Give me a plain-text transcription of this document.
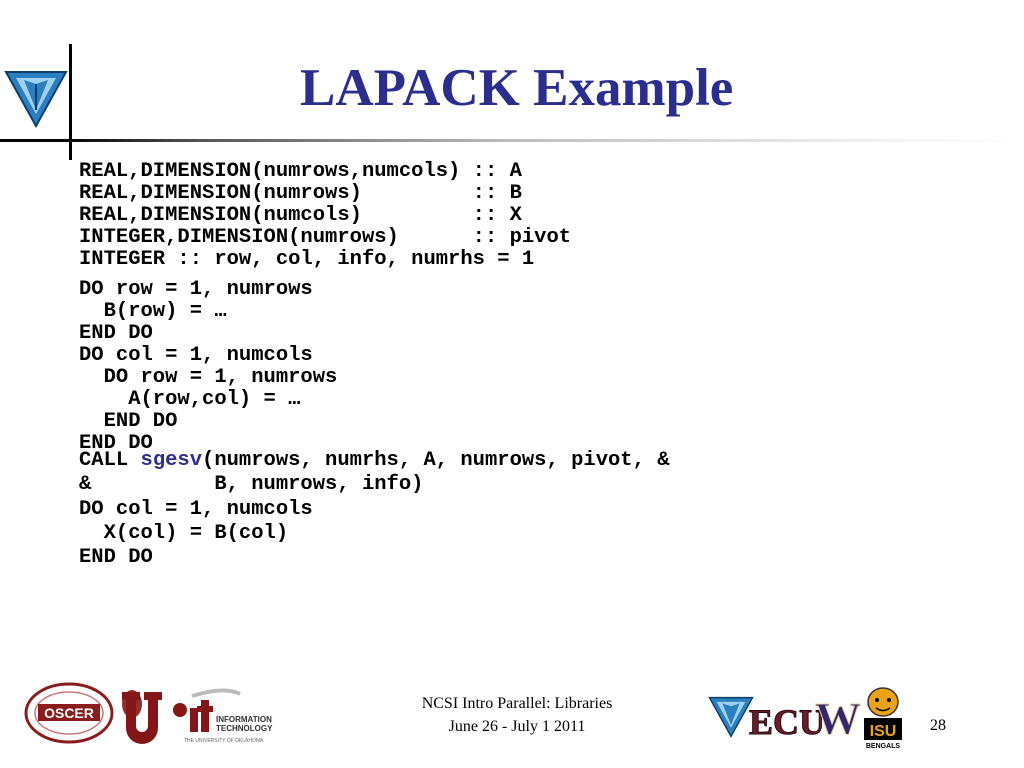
LAPACK Example
REAL,DIMENSION(numrows,numcols) :: A
REAL,DIMENSION(numrows)         :: B
REAL,DIMENSION(numcols)         :: X
INTEGER,DIMENSION(numrows)      :: pivot
INTEGER :: row, col, info, numrhs = 1
DO row = 1, numrows
B(row) = …
END DO
DO col = 1, numcols
DO row = 1, numrows
A(row,col) = …
END DO
END DO
CALL sgesv(numrows, numrhs, A, numrows, pivot, &
&          B, numrows, info)
DO col = 1, numcols
X(col) = B(col)
END DO
OSCER	INFORMATION
TECHNOLOGY
THE UNIVERSITY OF OKLAHOMA
NCSI Intro Parallel: Libraries
June 26 - July 1 2011	ECU
W ISU
BENGALS
28
